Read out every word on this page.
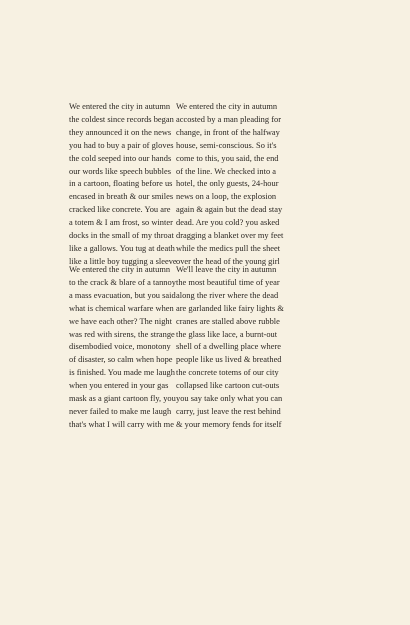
We entered the city in autumn
the coldest since records began
they announced it on the news
you had to buy a pair of gloves
the cold seeped into our hands
our words like speech bubbles
in a cartoon, floating before us
encased in breath & our smiles
cracked like concrete. You are
a totem & I am frost, so winter
docks in the small of my throat
like a gallows. You tug at death
like a little boy tugging a sleeve
We entered the city in autumn
accosted by a man pleading for
change, in front of the halfway
house, semi-conscious. So it's
come to this, you said, the end
of the line. We checked into a
hotel, the only guests, 24-hour
news on a loop, the explosion
again & again but the dead stay
dead. Are you cold? you asked
dragging a blanket over my feet
while the medics pull the sheet
over the head of the young girl
We entered the city in autumn
to the crack & blare of a tannoy
a mass evacuation, but you said
what is chemical warfare when
we have each other? The night
was red with sirens, the strange
disembodied voice, monotony
of disaster, so calm when hope
is finished. You made me laugh
when you entered in your gas
mask as a giant cartoon fly, you
never failed to make me laugh
that's what I will carry with me
We'll leave the city in autumn
the most beautiful time of year
along the river where the dead
are garlanded like fairy lights &
cranes are stalled above rubble
the glass like lace, a burnt-out
shell of a dwelling place where
people like us lived & breathed
the concrete totems of our city
collapsed like cartoon cut-outs
you say take only what you can
carry, just leave the rest behind
& your memory fends for itself
